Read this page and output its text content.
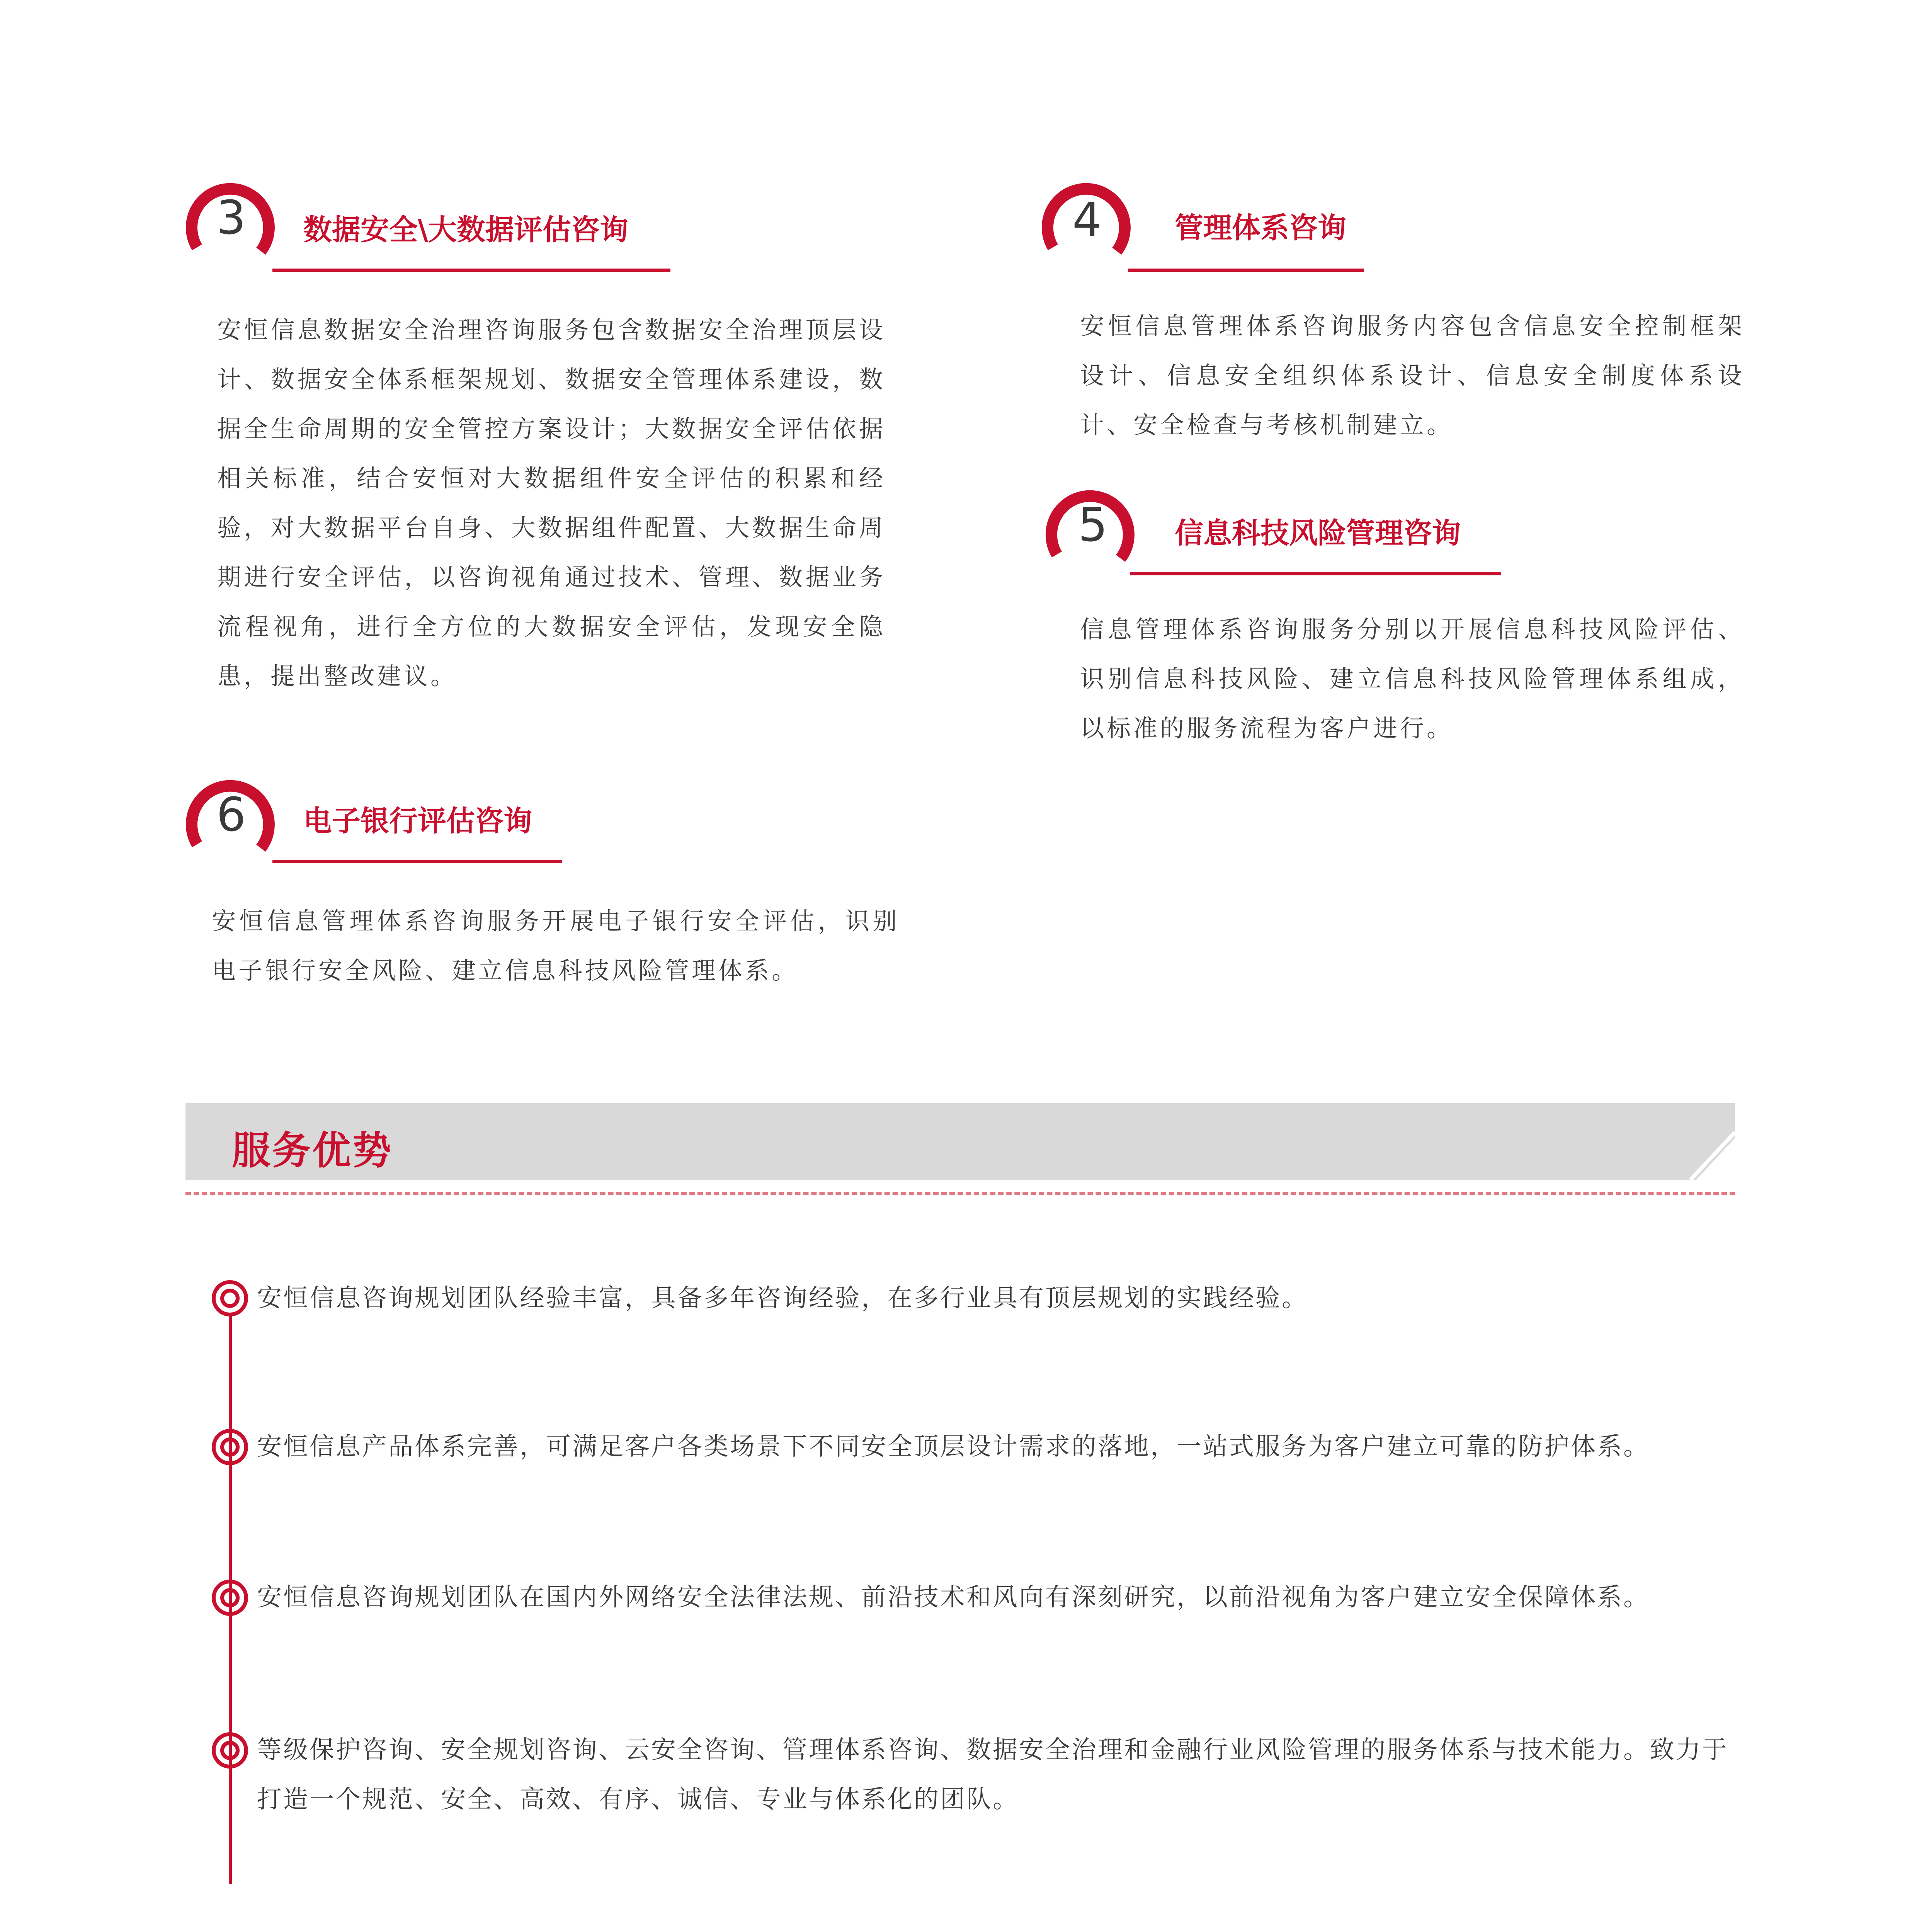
3 数据安全\大数据评估咨询
安恒信息数据安全治理咨询服务包含数据安全治理顶层设计、数据安全体系框架规划、数据安全管理体系建设，数据全生命周期的安全管控方案设计；大数据安全评估依据相关标准，结合安恒对大数据组件安全评估的积累和经验，对大数据平台自身、大数据组件配置、大数据生命周期进行安全评估，以咨询视角通过技术、管理、数据业务流程视角，进行全方位的大数据安全评估，发现安全隐患，提出整改建议。
4	管理体系咨询
安恒信息管理体系咨询服务内容包含信息安全控制框架设计、信息安全组织体系设计、信息安全制度体系设计、安全检查与考核机制建立。
5 信息科技风险管理咨询
信息管理体系咨询服务分别以开展信息科技风险评估、识别信息科技风险、建立信息科技风险管理体系组成，以标准的服务流程为客户进行。
6 电子银行评估咨询
安恒信息管理体系咨询服务开展电子银行安全评估，识别电子银行安全风险、建立信息科技风险管理体系。
服务优势
安恒信息咨询规划团队经验丰富，具备多年咨询经验，在多行业具有顶层规划的实践经验。
安恒信息产品体系完善，可满足客户各类场景下不同安全顶层设计需求的落地，一站式服务为客户建立可靠的防护体系。
安恒信息咨询规划团队在国内外网络安全法律法规、前沿技术和风向有深刻研究，以前沿视角为客户建立安全保障体系。
等级保护咨询、安全规划咨询、云安全咨询、管理体系咨询、数据安全治理和金融行业风险管理的服务体系与技术能力。致力于打造一个规范、安全、高效、有序、诚信、专业与体系化的团队。
